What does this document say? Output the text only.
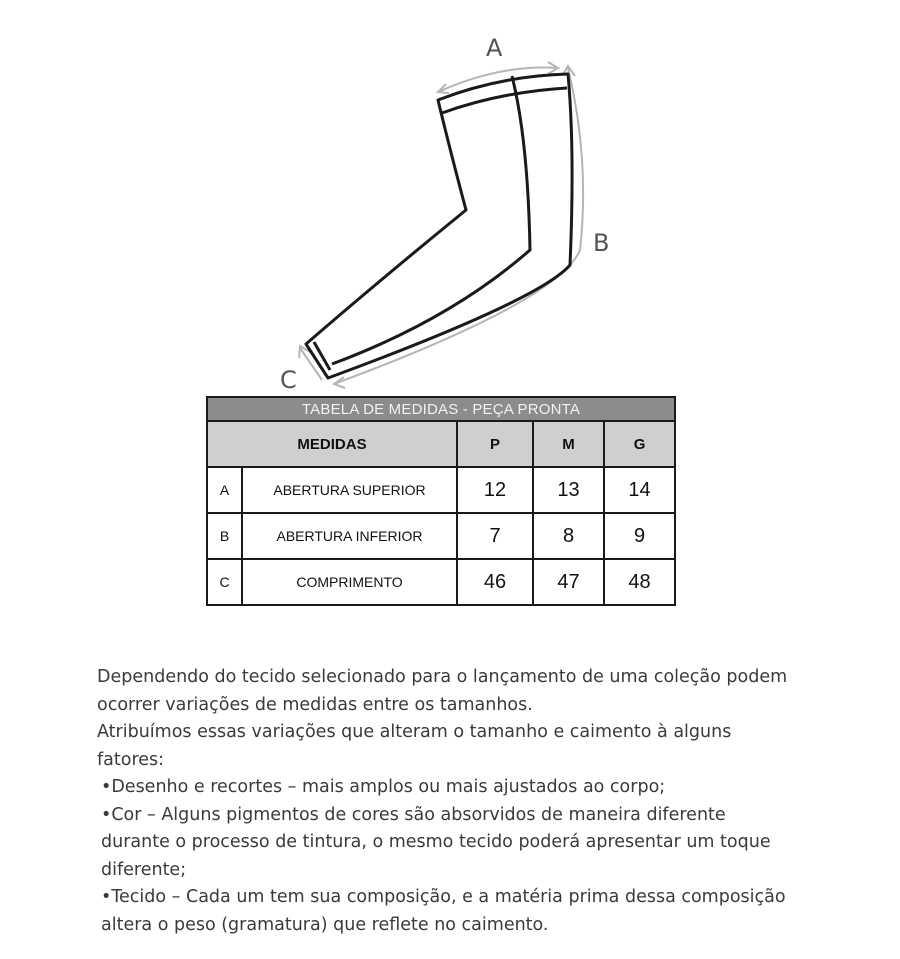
A
B
C
TABELA DE MEDIDAS - PEÇA PRONTA				
MEDIDAS		P	M	G
A	ABERTURA SUPERIOR	12	13	14
B	ABERTURA INFERIOR	7	8	9
C	COMPRIMENTO	46	47	48

Dependendo do tecido selecionado para o lançamento de uma coleção podem ocorrer variações de medidas entre os tamanhos.

Atribuímos essas variações que alteram o tamanho e caimento à alguns fatores:

•Desenho e recortes – mais amplos ou mais ajustados ao corpo;

•Cor – Alguns pigmentos de cores são absorvidos de maneira diferente durante o processo de tintura, o mesmo tecido poderá apresentar um toque diferente;

•Tecido – Cada um tem sua composição, e a matéria prima dessa composição altera o peso (gramatura) que reflete no caimento.
